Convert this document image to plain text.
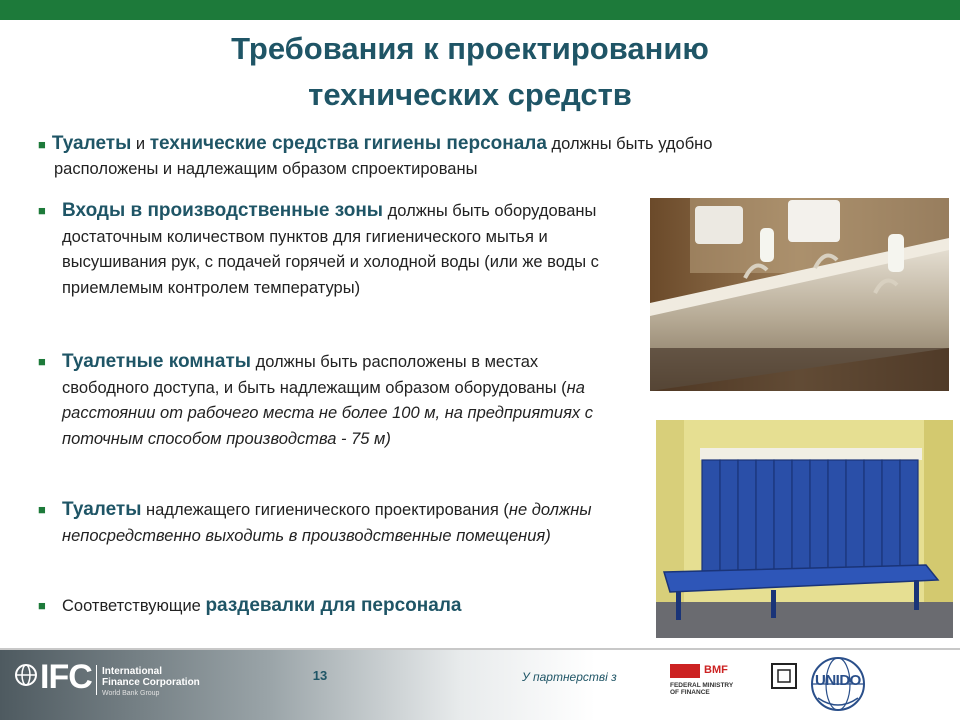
Требования к проектированию
технических средств
■ Туалеты и технические средства гигиены персонала должны быть удобно
расположены и надлежащим образом спроектированы
■ Входы в производственные зоны должны быть оборудованы достаточным количеством пунктов для гигиенического мытья и высушивания рук, с подачей горячей и холодной воды (или же воды с приемлемым контролем температуры)
■ Туалетные комнаты должны быть расположены в местах свободного доступа, и быть надлежащим образом оборудованы (на расстоянии от рабочего места не более 100 м, на предприятиях с поточным способом производства - 75 м)
■ Туалеты надлежащего гигиенического проектирования (не должны непосредственно выходить в производственные помещения)
■ Соответствующие раздевалки для персонала
IFC International
Finance Corporation
World Bank Group
13	У партнерстві з	BMF
FEDERAL MINISTRY
OF FINANCE
UNIDO
